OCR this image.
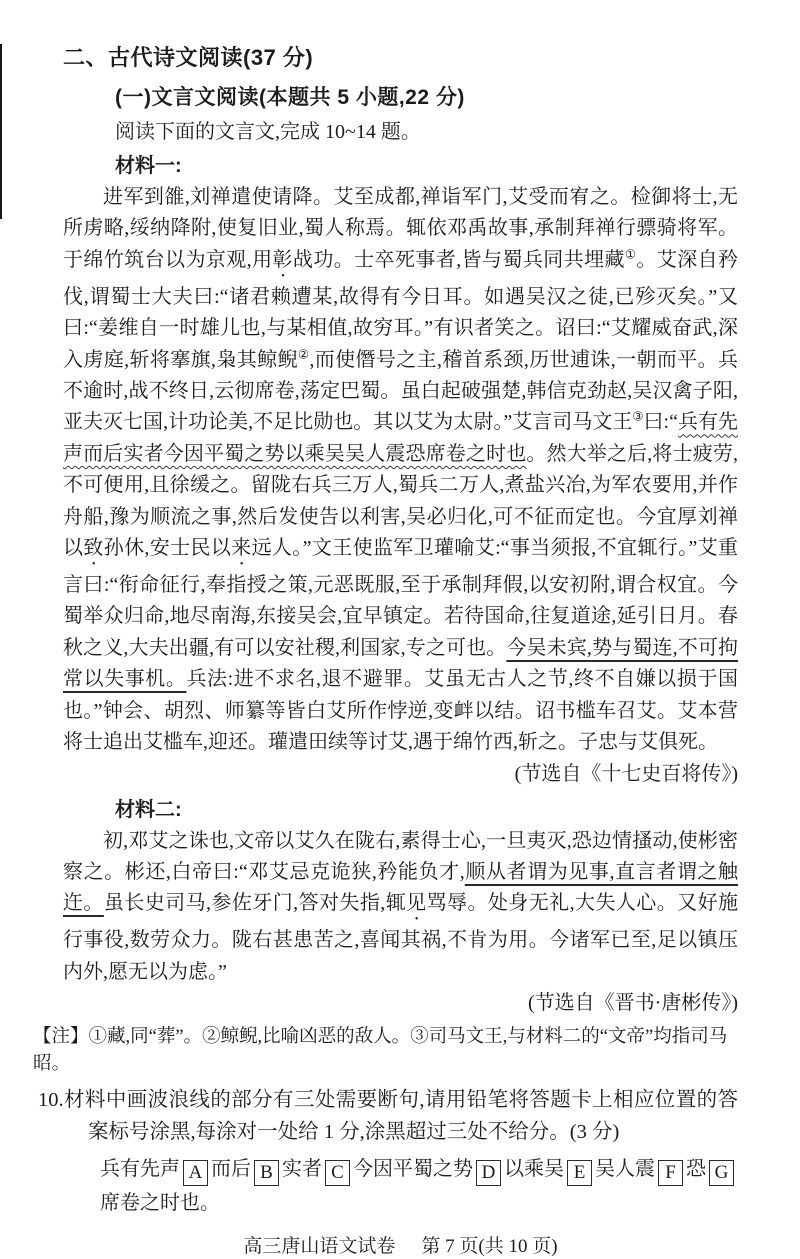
二、古代诗文阅读(37 分)
(一)文言文阅读(本题共 5 小题,22 分)
阅读下面的文言文,完成 10~14 题。
材料一:
进军到雒,刘禅遣使请降。艾至成都,禅诣军门,艾受而宥之。检御将士,无所虏略,绥纳降附,使复旧业,蜀人称焉。辄依邓禹故事,承制拜禅行骠骑将军。于绵竹筑台以为京观,用彰战功。士卒死事者,皆与蜀兵同共埋藏①。艾深自矜伐,谓蜀士大夫曰:“诸君赖遭某,故得有今日耳。如遇吴汉之徒,已殄灭矣。”又曰:“姜维自一时雄儿也,与某相值,故穷耳。”有识者笑之。诏曰:“艾耀威奋武,深入虏庭,斩将搴旗,枭其鲸鲵②,而使僭号之主,稽首系颈,历世逋诛,一朝而平。兵不逾时,战不终日,云彻席卷,荡定巴蜀。虽白起破强楚,韩信克劲赵,吴汉禽子阳,亚夫灭七国,计功论美,不足比勋也。其以艾为太尉。”艾言司马文王③曰:“兵有先声而后实者今因平蜀之势以乘吴吴人震恐席卷之时也。然大举之后,将士疲劳,不可便用,且徐缓之。留陇右兵三万人,蜀兵二万人,煮盐兴冶,为军农要用,并作舟船,豫为顺流之事,然后发使告以利害,吴必归化,可不征而定也。今宜厚刘禅以致孙休,安士民以来远人。”文王使监军卫瓘喻艾:“事当须报,不宜辄行。”艾重言曰:“衔命征行,奉指授之策,元恶既服,至于承制拜假,以安初附,谓合权宜。今蜀举众归命,地尽南海,东接吴会,宜早镇定。若待国命,往复道途,延引日月。春秋之义,大夫出疆,有可以安社稷,利国家,专之可也。今吴未宾,势与蜀连,不可拘常以失事机。兵法:进不求名,退不避罪。艾虽无古人之节,终不自嫌以损于国也。”钟会、胡烈、师纂等皆白艾所作悖逆,变衅以结。诏书槛车召艾。艾本营将士追出艾槛车,迎还。瓘遣田续等讨艾,遇于绵竹西,斩之。子忠与艾俱死。
(节选自《十七史百将传》)
材料二:
初,邓艾之诛也,文帝以艾久在陇右,素得士心,一旦夷灭,恐边情搔动,使彬密察之。彬还,白帝曰:“邓艾忌克诡狭,矜能负才,顺从者谓为见事,直言者谓之触迕。虽长史司马,参佐牙门,答对失指,辄见骂辱。处身无礼,大失人心。又好施行事役,数劳众力。陇右甚患苦之,喜闻其祸,不肯为用。今诸军已至,足以镇压内外,愿无以为虑。”
(节选自《晋书·唐彬传》)
【注】①藏,同“葬”。②鲸鲵,比喻凶恶的敌人。③司马文王,与材料二的“文帝”均指司马昭。
10.材料中画波浪线的部分有三处需要断句,请用铅笔将答题卡上相应位置的答案标号涂黑,每涂对一处给 1 分,涂黑超过三处不给分。(3 分)
兵有先声 A 而后 B 实者 C 今因平蜀之势 D 以乘吴 E 吴人震 F 恐 G席卷之时也。
高三唐山语文试卷 第 7 页(共 10 页)
